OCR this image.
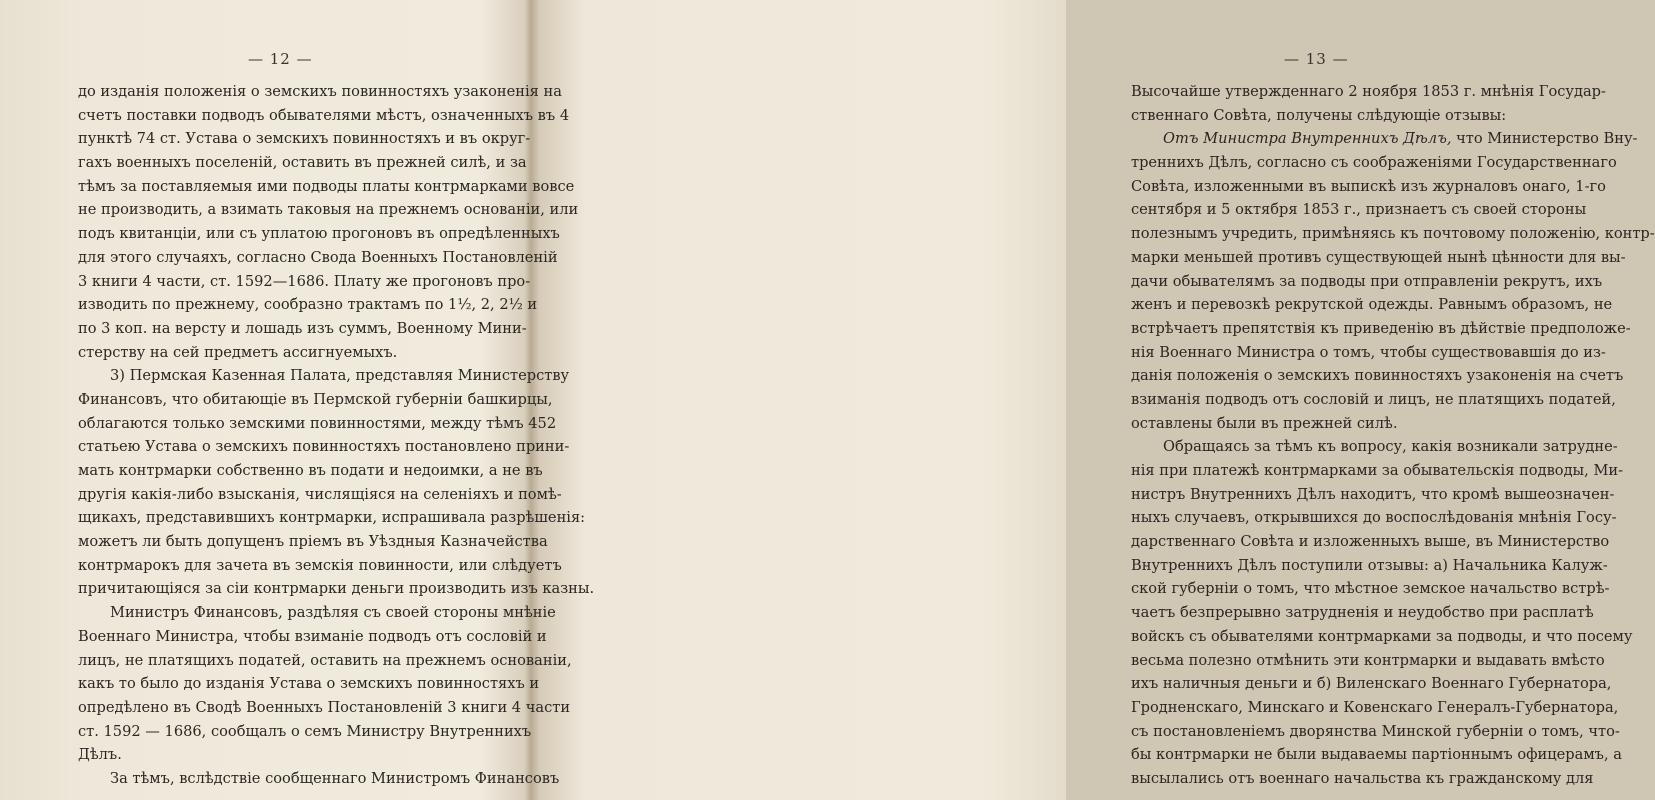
— 12 —
до изданія положенія о земскихъ повинностяхъ узаконенія на
счетъ поставки подводъ обывателями мѣстъ, означенныхъ въ 4
пунктѣ 74 ст. Устава о земскихъ повинностяхъ и въ округ-
гахъ военныхъ поселеній, оставить въ прежней силѣ, и за
тѣмъ за поставляемыя ими подводы платы контрмарками вовсе
не производить, а взимать таковыя на прежнемъ основаніи, или
подъ квитанціи, или съ уплатою прогоновъ въ опредѣленныхъ
для этого случаяхъ, согласно Свода Военныхъ Постановленій
3 книги 4 части, ст. 1592—1686. Плату же прогоновъ про-
изводить по прежнему, сообразно трактамъ по 1½, 2, 2½ и
по 3 коп. на версту и лошадь изъ суммъ, Военному Мини-
стерству на сей предметъ ассигнуемыхъ.
3) Пермская Казенная Палата, представляя Министерству
Финансовъ, что обитающіе въ Пермской губерніи башкирцы,
облагаются только земскими повинностями, между тѣмъ 452
статьею Устава о земскихъ повинностяхъ постановлено прини-
мать контрмарки собственно въ подати и недоимки, а не въ
другія какія-либо взысканія, числящіяся на селеніяхъ и помѣ-
щикахъ, представившихъ контрмарки, испрашивала разрѣшенія:
можетъ ли быть допущенъ пріемъ въ Уѣздныя Казначейства
контрмарокъ для зачета въ земскія повинности, или слѣдуетъ
причитающіяся за сіи контрмарки деньги производить изъ казны.
Министръ Финансовъ, раздѣляя съ своей стороны мнѣніе
Военнаго Министра, чтобы взиманіе подводъ отъ сословій и
лицъ, не платящихъ податей, оставить на прежнемъ основаніи,
какъ то было до изданія Устава о земскихъ повинностяхъ и
опредѣлено въ Сводѣ Военныхъ Постановленій 3 книги 4 части
ст. 1592 — 1686, сообщалъ о семъ Министру Внутреннихъ
Дѣлъ.
За тѣмъ, вслѣдствіе сообщеннаго Министромъ Финансовъ
— 13 —
Высочайше утвержденнаго 2 ноября 1853 г. мнѣнія Государ-
ственнаго Совѣта, получены слѣдующіе отзывы:
Отъ Министра Внутреннихъ Дѣлъ, что Министерство Вну-
треннихъ Дѣлъ, согласно съ соображеніями Государственнаго
Совѣта, изложенными въ выпискѣ изъ журналовъ онаго, 1-го
сентября и 5 октября 1853 г., признаетъ съ своей стороны
полезнымъ учредить, примѣняясь къ почтовому положенію, контр-
марки меньшей противъ существующей нынѣ цѣнности для вы-
дачи обывателямъ за подводы при отправленіи рекрутъ, ихъ
женъ и перевозкѣ рекрутской одежды. Равнымъ образомъ, не
встрѣчаетъ препятствія къ приведенію въ дѣйствіе предположе-
нія Военнаго Министра о томъ, чтобы существовавшія до из-
данія положенія о земскихъ повинностяхъ узаконенія на счетъ
взиманія подводъ отъ сословій и лицъ, не платящихъ податей,
оставлены были въ прежней силѣ.
Обращаясь за тѣмъ къ вопросу, какія возникали затрудне-
нія при платежѣ контрмарками за обывательскія подводы, Ми-
нистръ Внутреннихъ Дѣлъ находитъ, что кромѣ вышеозначен-
ныхъ случаевъ, открывшихся до воспослѣдованія мнѣнія Госу-
дарственнаго Совѣта и изложенныхъ выше, въ Министерство
Внутреннихъ Дѣлъ поступили отзывы: а) Начальника Калуж-
ской губерніи о томъ, что мѣстное земское начальство встрѣ-
чаетъ безпрерывно затрудненія и неудобство при расплатѣ
войскъ съ обывателями контрмарками за подводы, и что посему
весьма полезно отмѣнить эти контрмарки и выдавать вмѣсто
ихъ наличныя деньги и б) Виленскаго Военнаго Губернатора,
Гродненскаго, Минскаго и Ковенскаго Генералъ-Губернатора,
съ постановленіемъ дворянства Минской губерніи о томъ, что-
бы контрмарки не были выдаваемы партіоннымъ офицерамъ, а
высылались отъ военнаго начальства къ гражданскому для
